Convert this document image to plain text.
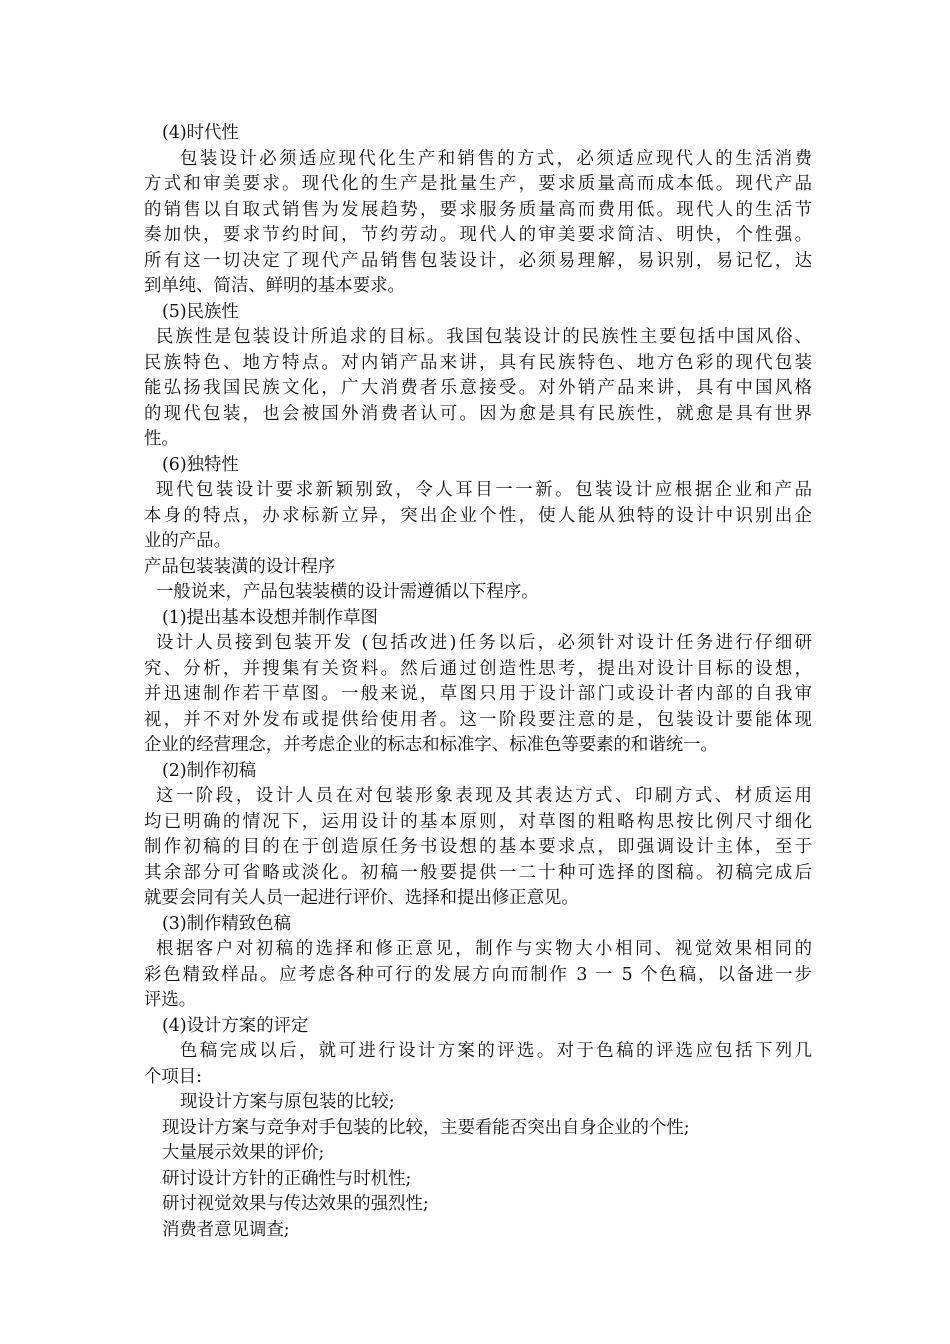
(4)时代性
包装设计必须适应现代化生产和销售的方式，必须适应现代人的生活消费
方式和审美要求。现代化的生产是批量生产，要求质量高而成本低。现代产品
的销售以自取式销售为发展趋势，要求服务质量高而费用低。现代人的生活节
奏加快，要求节约时间，节约劳动。现代人的审美要求简洁、明快，个性强。
所有这一切决定了现代产品销售包装设计，必须易理解，易识别，易记忆，达
到单纯、简洁、鲜明的基本要求。
(5)民族性
民族性是包装设计所追求的目标。我国包装设计的民族性主要包括中国风俗、
民族特色、地方特点。对内销产品来讲，具有民族特色、地方色彩的现代包装
能弘扬我国民族文化，广大消费者乐意接受。对外销产品来讲，具有中国风格
的现代包装，也会被国外消费者认可。因为愈是具有民族性，就愈是具有世界
性。
(6)独特性
现代包装设计要求新颖别致，令人耳目一一新。包装设计应根据企业和产品
本身的特点，办求标新立异，突出企业个性，使人能从独特的设计中识别出企
业的产品。
产品包装装潢的设计程序
一般说来，产品包装装横的设计需遵循以下程序。
(1)提出基本设想并制作草图
设计人员接到包装开发 (包括改进)任务以后，必须针对设计任务进行仔细研
究、分析，并搜集有关资料。然后通过创造性思考，提出对设计目标的设想，
并迅速制作若干草图。一般来说，草图只用于设计部门或设计者内部的自我审
视，并不对外发布或提供给使用者。这一阶段要注意的是，包装设计要能体现
企业的经营理念，并考虑企业的标志和标准字、标准色等要素的和谐统一。
(2)制作初稿
这一阶段，设计人员在对包装形象表现及其表达方式、印刷方式、材质运用
均已明确的情况下，运用设计的基本原则，对草图的粗略构思按比例尺寸细化
制作初稿的目的在于创造原任务书设想的基本要求点，即强调设计主体，至于
其余部分可省略或淡化。初稿一般要提供一二十种可选择的图稿。初稿完成后
就要会同有关人员一起进行评价、选择和提出修正意见。
(3)制作精致色稿
根据客户对初稿的选择和修正意见，制作与实物大小相同、视觉效果相同的
彩色精致样品。应考虑各种可行的发展方向而制作 3 一 5 个色稿，以备进一步
评选。
(4)设计方案的评定
色稿完成以后，就可进行设计方案的评选。对于色稿的评选应包括下列几
个项目:
现设计方案与原包装的比较;
现设计方案与竞争对手包装的比较，主要看能否突出自身企业的个性;
大量展示效果的评价;
研讨设计方针的正确性与时机性;
研讨视觉效果与传达效果的强烈性;
消费者意见调查;
